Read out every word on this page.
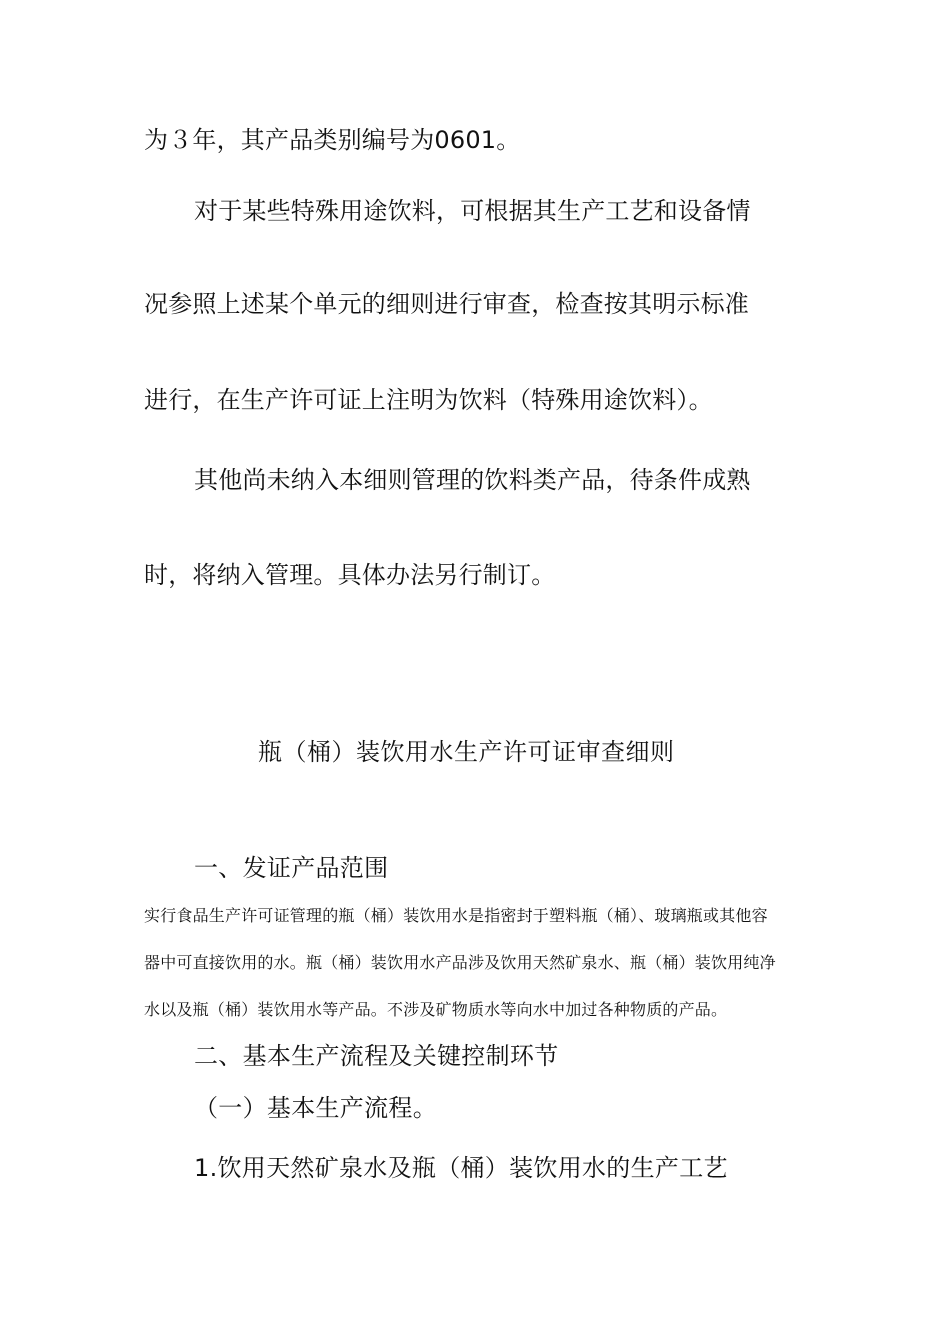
为３年，其产品类别编号为0601。
对于某些特殊用途饮料，可根据其生产工艺和设备情
况参照上述某个单元的细则进行审查，检查按其明示标准
进行，在生产许可证上注明为饮料（特殊用途饮料）。
其他尚未纳入本细则管理的饮料类产品，待条件成熟
时，将纳入管理。具体办法另行制订。
瓶（桶）装饮用水生产许可证审查细则
一、发证产品范围
实行食品生产许可证管理的瓶（桶）装饮用水是指密封于塑料瓶（桶）、玻璃瓶或其他容
器中可直接饮用的水。瓶（桶）装饮用水产品涉及饮用天然矿泉水、瓶（桶）装饮用纯净
水以及瓶（桶）装饮用水等产品。不涉及矿物质水等向水中加过各种物质的产品。
二、基本生产流程及关键控制环节
（一）基本生产流程。
1.饮用天然矿泉水及瓶（桶）装饮用水的生产工艺
